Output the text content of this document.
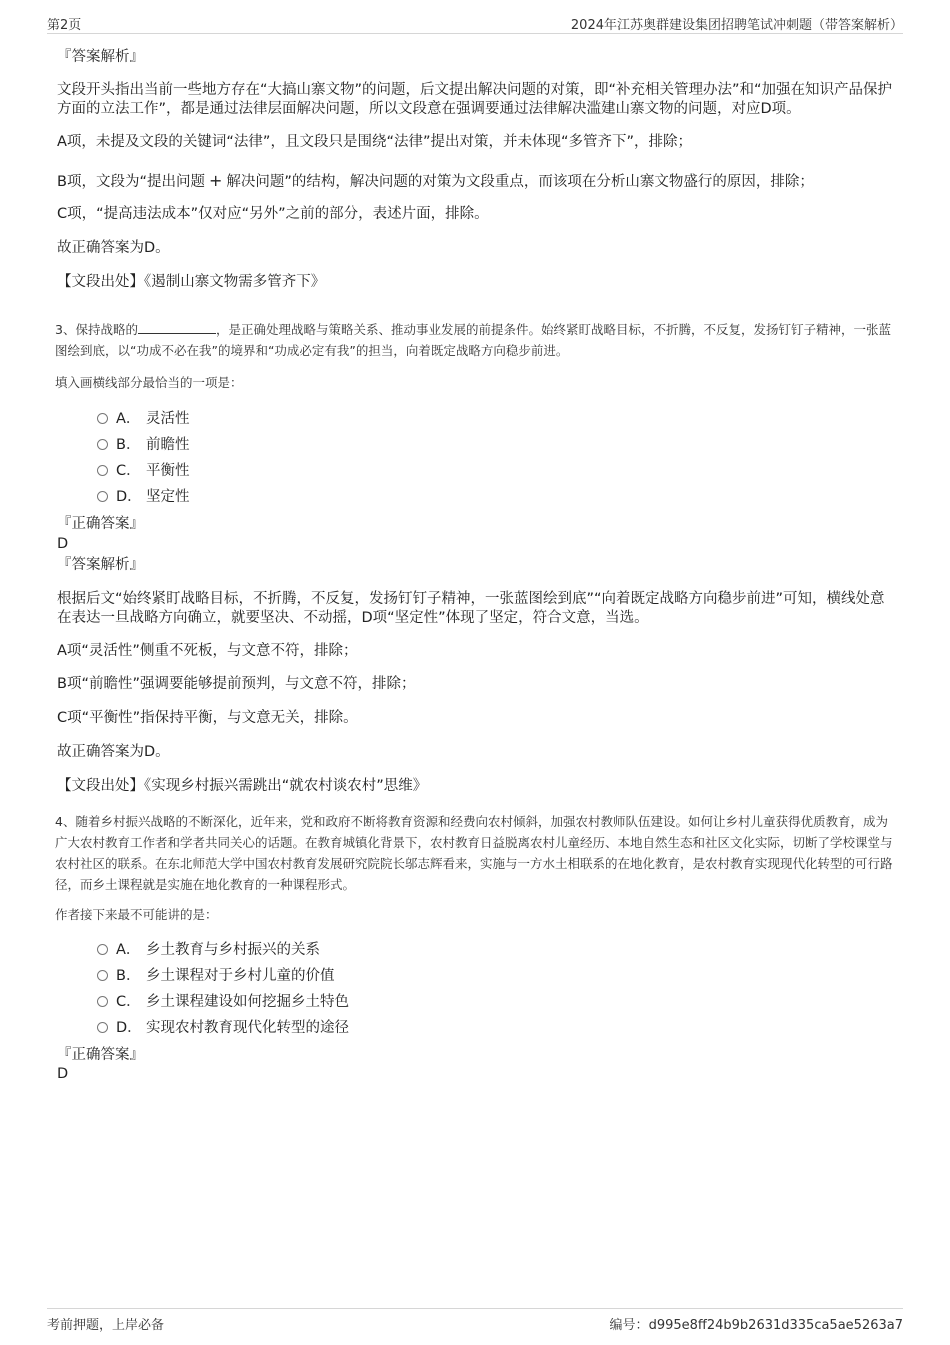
第2页	2024年江苏奥群建设集团招聘笔试冲刺题（带答案解析）
『答案解析』
文段开头指出当前一些地方存在“大搞山寨文物”的问题，后文提出解决问题的对策，即“补充相关管理办法”和“加强在知识产品保护方面的立法工作”，都是通过法律层面解决问题，所以文段意在强调要通过法律解决滥建山寨文物的问题，对应D项。
A项，未提及文段的关键词“法律”，且文段只是围绕“法律”提出对策，并未体现“多管齐下”，排除；
B项，文段为“提出问题 + 解决问题”的结构，解决问题的对策为文段重点，而该项在分析山寨文物盛行的原因，排除；
C项，“提高违法成本”仅对应“另外”之前的部分，表述片面，排除。
故正确答案为D。
【文段出处】《遏制山寨文物需多管齐下》
3、保持战略的	，是正确处理战略与策略关系、推动事业发展的前提条件。始终紧盯战略目标，不折腾，不反复，发扬钉钉子精神，一张蓝图绘到底，以“功成不必在我”的境界和“功成必定有我”的担当，向着既定战略方向稳步前进。
填入画横线部分最恰当的一项是：
A． 灵活性
B． 前瞻性
C． 平衡性
D． 坚定性
『正确答案』
D
『答案解析』
根据后文“始终紧盯战略目标，不折腾，不反复，发扬钉钉子精神，一张蓝图绘到底”“向着既定战略方向稳步前进”可知，横线处意在表达一旦战略方向确立，就要坚决、不动摇，D项“坚定性”体现了坚定，符合文意，当选。
A项“灵活性”侧重不死板，与文意不符，排除；
B项“前瞻性”强调要能够提前预判，与文意不符，排除；
C项“平衡性”指保持平衡，与文意无关，排除。
故正确答案为D。
【文段出处】《实现乡村振兴需跳出“就农村谈农村”思维》
4、随着乡村振兴战略的不断深化，近年来，党和政府不断将教育资源和经费向农村倾斜，加强农村教师队伍建设。如何让乡村儿童获得优质教育，成为广大农村教育工作者和学者共同关心的话题。在教育城镇化背景下，农村教育日益脱离农村儿童经历、本地自然生态和社区文化实际，切断了学校课堂与农村社区的联系。在东北师范大学中国农村教育发展研究院院长邬志辉看来，实施与一方水土相联系的在地化教育，是农村教育实现现代化转型的可行路径，而乡土课程就是实施在地化教育的一种课程形式。
作者接下来最不可能讲的是：
A． 乡土教育与乡村振兴的关系
B． 乡土课程对于乡村儿童的价值
C． 乡土课程建设如何挖掘乡土特色
D． 实现农村教育现代化转型的途径
『正确答案』
D
考前押题，上岸必备	编号：d995e8ff24b9b2631d335ca5ae5263a7
